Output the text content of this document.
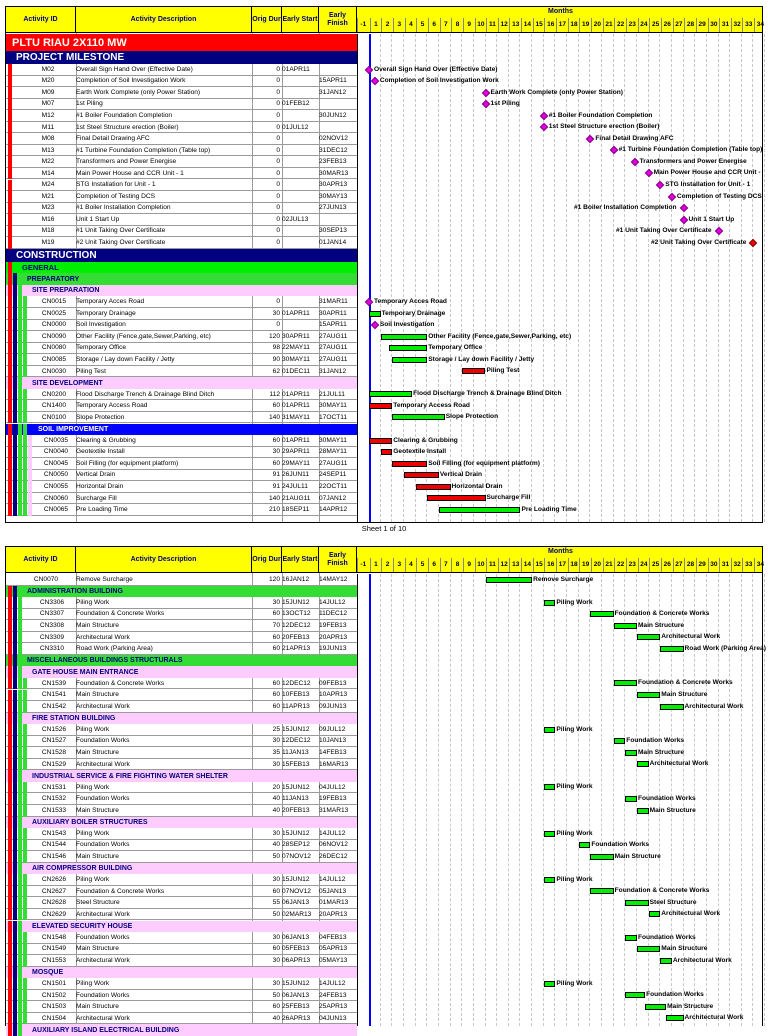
Activity ID	Activity Description	Orig Dur Early Start
Early Finish
Months
-1	1	2	3	4	5	6	7	8	9 10 11 12 13 14 15 16 17 18 19 20 21 22 23 24 25 26 27 28 29 30 31 32 33 34
PLTU RIAU 2X110 MW
PROJECT MILESTONE
M02	Overall Sign Hand Over (Effective Date)	0 01APR11	Overall Sign Hand Over (Effective Date)
M20	Completion of Soil Investigation Work	0	15APR11	Completion of Soil Investigation Work
M09	Earth Work Complete (only Power Station)	0	31JAN12	Earth Work Complete (only Power Station)
M07	1st Piling	0 01FEB12	1st Piling
M12	#1 Boiler Foundation Completion	0	30JUN12	#1 Boiler Foundation Completion
M11	1st Steel Structure erection (Boiler)	0 01JUL12	1st Steel Structure erection (Boiler)
M08	Final Detail Drawing AFC	0	02NOV12	Final Detail Drawing AFC
M13	#1 Turbine Foundation Completion (Table top)	0	31DEC12	#1 Turbine Foundation Completion (Table top)
M22	Transformers and Power Energise	0	23FEB13	Transformers and Power Energise
M14	Main Power House and CCR Unit - 1	0	30MAR13	Main Power House and CCR Unit -
M24	STG Installation for Unit - 1	0	30APR13	STG Installation for Unit - 1
M21	Completion of Testing DCS	0	30MAY13	Completion of Testing DCS
M23	#1 Boiler Installation Completion	0	27JUN13	#1 Boiler Installation Completion
M16	Unit 1 Start Up	0 02JUL13	Unit 1 Start Up
M18	#1 Unit Taking Over Certificate	0	30SEP13	#1 Unit Taking Over Certificate
M19	#2 Unit Taking Over Certificate	0	01JAN14	#2 Unit Taking Over Certificate
CONSTRUCTION
GENERAL
PREPARATORY
SITE PREPARATION
CN0015	Temporary Acces Road	0	31MAR11	Temporary Acces Road
CN0025	Temporary Drainage	30 01APR11	30APR11	Temporary Drainage
CN0000	Soil Investigation	0	15APR11	Soil Investigation
CN0090	Other Facility (Fence,gate,Sewer,Parking, etc)	120 30APR11	27AUG11	Other Facility (Fence,gate,Sewer,Parking, etc)
CN0080	Temporary Office	98 22MAY11	27AUG11	Temporary Office
CN0085	Storage / Lay down Facility / Jetty	90 30MAY11	27AUG11	Storage / Lay down Facility / Jetty
CN0030	Piling Test	62 01DEC11	31JAN12	Piling Test
SITE DEVELOPMENT
CN0200	Flood Discharge Trench & Drainage Blind Ditch	112 01APR11	21JUL11	Flood Discharge Trench & Drainage Blind Ditch
CN1400	Temporary Access Road	60 01APR11	30MAY11	Temporary Access Road
CN0100	Slope Protection	140 31MAY11	17OCT11	Slope Protection
SOIL IMPROVEMENT
CN0035	Clearing & Grubbing	60 01APR11	30MAY11	Clearing & Grubbing
CN0040	Geotextile Install	30 29APR11	28MAY11	Geotextile Install
CN0045	Soil Filling (for equipment platform)	60 29MAY11	27AUG11	Soil Filling (for equipment platform)
CN0050	Vertical Drain	91 26JUN11	24SEP11	Vertical Drain
CN0055	Horizontal Drain	91 24JUL11	22OCT11	Horizontal Drain
CN0060	Surcharge Fill	140 21AUG11	07JAN12	Surcharge Fill
CN0065	Pre Loading Time	210 18SEP11	14APR12	Pre Loading Time
Sheet 1 of 10
Activity ID	Activity Description	Orig Dur Early Start
Early Finish
Months
-1	1	2	3	4	5	6	7	8	9 10 11 12 13 14 15 16 17 18 19 20 21 22 23 24 25 26 27 28 29 30 31 32 33 34
CN0070	Remove Surcharge	120 16JAN12	14MAY12	Remove Surcharge
ADMINISTRATION BUILDING
CN3306	Piling Work	30 15JUN12	14JUL12	Piling Work
CN3307	Foundation & Concrete Works	60 13OCT12	11DEC12	Foundation & Concrete Works
CN3308	Main Structure	70 12DEC12	19FEB13	Main Structure
CN3309	Architectural Work	60 20FEB13	20APR13	Architectural Work
CN3310	Road Work (Parking Area)	60 21APR13	19JUN13	Road Work (Parking Area)
MISCELLANEOUS BUILDINGS STRUCTURALS
GATE HOUSE MAIN ENTRANCE
CN1539	Foundation & Concrete Works	60 12DEC12	09FEB13	Foundation & Concrete Works
CN1541	Main Structure	60 10FEB13	10APR13	Main Structure
CN1542	Architectural Work	60 11APR13	09JUN13	Architectural Work
FIRE STATION BUILDING
CN1526	Piling Work	25 15JUN12	09JUL12	Piling Work
CN1527	Foundation Works	30 12DEC12	10JAN13	Foundation Works
CN1528	Main Structure	35 11JAN13	14FEB13	Main Structure
CN1529	Architectural Work	30 15FEB13	16MAR13	Architectural Work
INDUSTRIAL SERVICE & FIRE FIGHTING WATER SHELTER
CN1531	Piling Work	20 15JUN12	04JUL12	Piling Work
CN1532	Foundation Works	40 11JAN13	19FEB13	Foundation Works
CN1533	Main Structure	40 20FEB13	31MAR13	Main Structure
AUXILIARY BOILER STRUCTURES
CN1543	Piling Work	30 15JUN12	14JUL12	Piling Work
CN1544	Foundation Works	40 28SEP12	06NOV12	Foundation Works
CN1546	Main Structure	50 07NOV12	26DEC12	Main Structure
AIR COMPRESSOR BUILDING
CN2626	Piling Work	30 15JUN12	14JUL12	Piling Work
CN2627	Foundation & Concrete Works	60 07NOV12	05JAN13	Foundation & Concrete Works
CN2628	Steel Structure	55 06JAN13	01MAR13	Steel Structure
CN2629	Architectural Work	50 02MAR13	20APR13	Architectural Work
ELEVATED SECURITY HOUSE
CN1548	Foundation Works	30 06JAN13	04FEB13	Foundation Works
CN1549	Main Structure	60 05FEB13	05APR13	Main Structure
CN1553	Architectural Work	30 06APR13	05MAY13	Architectural Work
MOSQUE
CN1501	Piling Work	30 15JUN12	14JUL12	Piling Work
CN1502	Foundation Works	50 06JAN13	24FEB13	Foundation Works
CN1503	Main Structure	60 25FEB13	25APR13	Main Structure
CN1504	Architectural Work	40 26APR13	04JUN13	Architectural Work
AUXILIARY ISLAND ELECTRICAL BUILDING
